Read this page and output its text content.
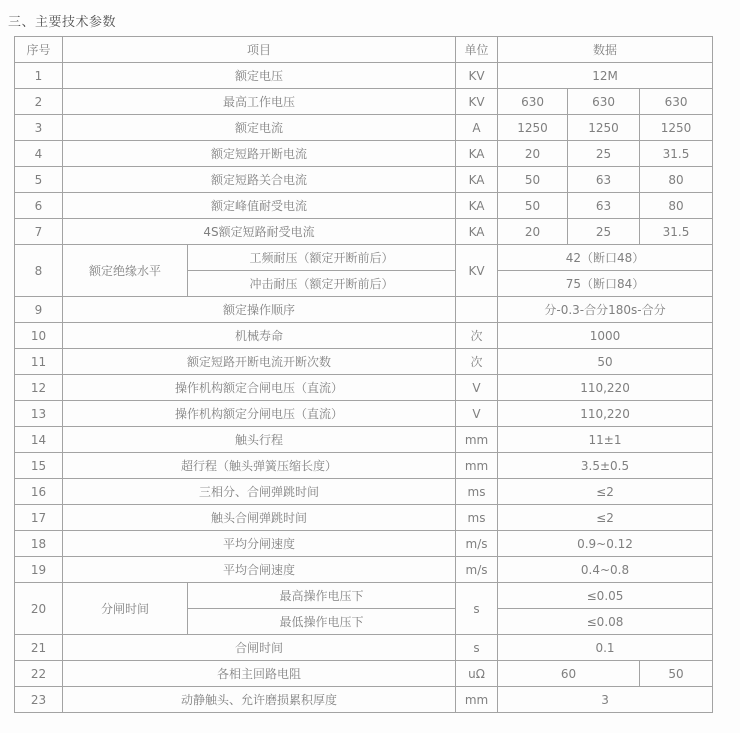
三、主要技术参数
序号	项目		单位	数据		
1	额定电压		KV	12M		
2	最高工作电压		KV	630	630	630
3	额定电流		A	1250	1250	1250
4	额定短路开断电流		KA	20	25	31.5
5	额定短路关合电流		KA	50	63	80
6	额定峰值耐受电流		KA	50	63	80
7	4S额定短路耐受电流		KA	20	25	31.5
8	额定绝缘水平	工频耐压（额定开断前后）	KV	42（断口48）		
		冲击耐压（额定开断前后）		75（断口84）		
9	额定操作顺序			分-0.3-合分180s-合分		
10	机械寿命		次	1000		
11	额定短路开断电流开断次数		次	50		
12	操作机构额定合闸电压（直流）		V	110,220		
13	操作机构额定分闸电压（直流）		V	110,220		
14	触头行程		mm	11±1		
15	超行程（触头弹簧压缩长度）		mm	3.5±0.5		
16	三相分、合闸弹跳时间		ms	≤2		
17	触头合闸弹跳时间		ms	≤2		
18	平均分闸速度		m/s	0.9~0.12		
19	平均合闸速度		m/s	0.4~0.8		
20	分闸时间	最高操作电压下	s	≤0.05		
		最低操作电压下		≤0.08		
21	合闸时间		s	0.1		
22	各相主回路电阻		uΩ	60		50
23	动静触头、允许磨损累积厚度		mm	3		
